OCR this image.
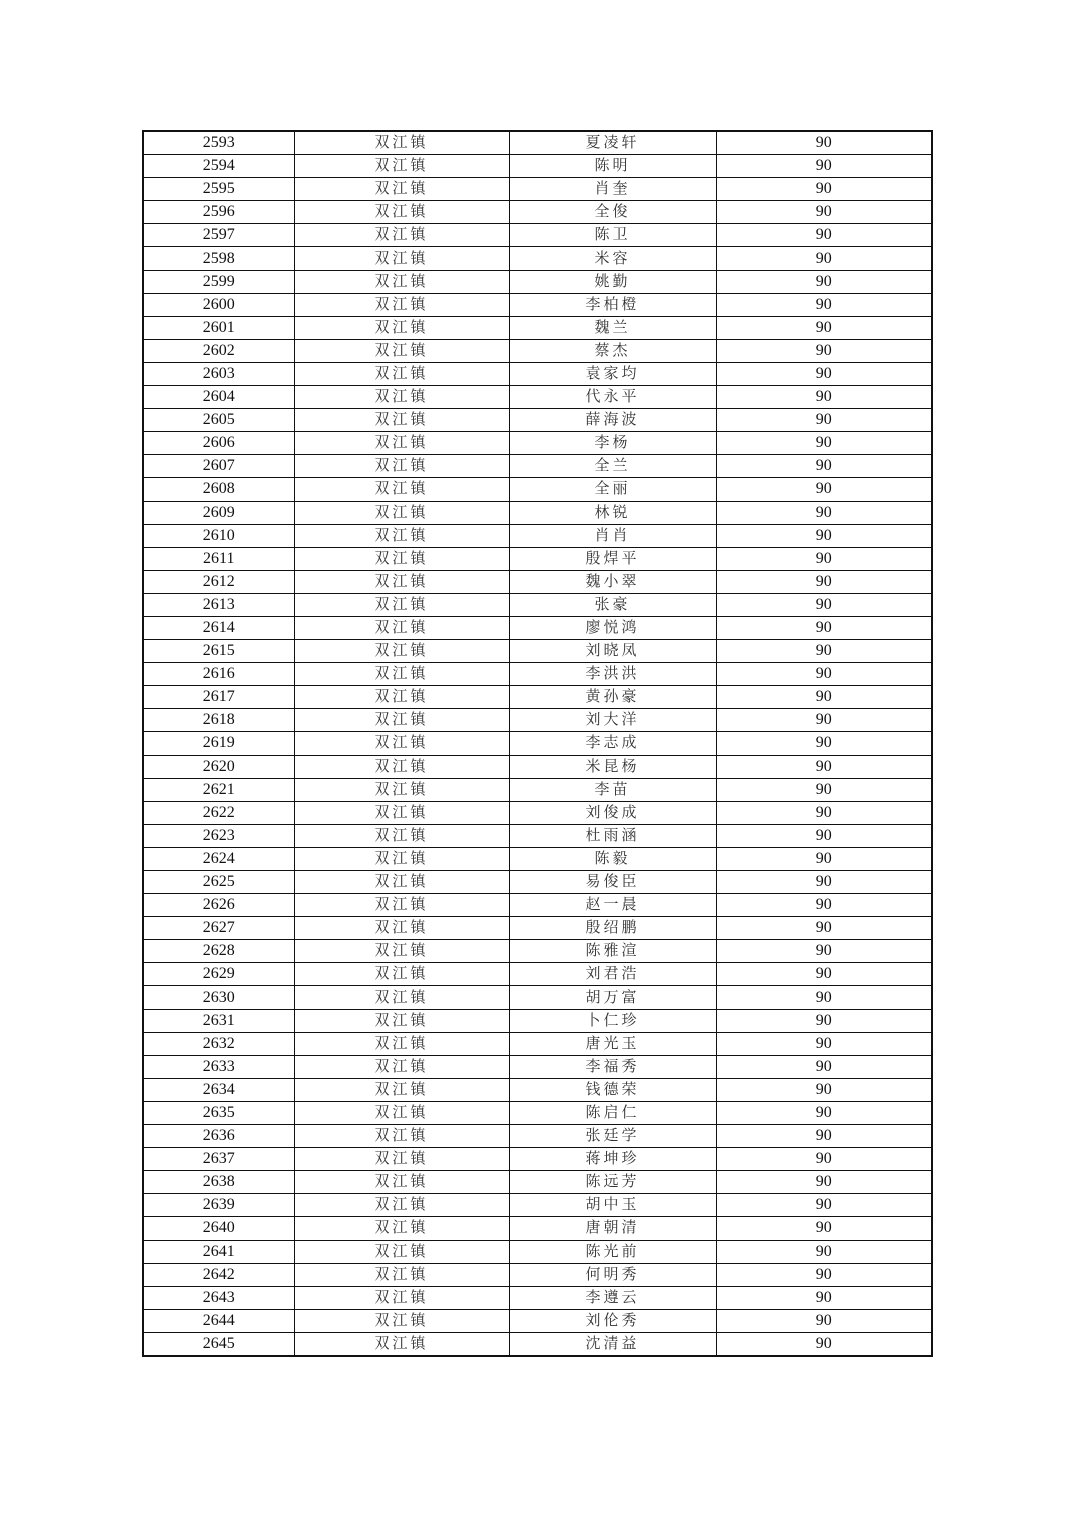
2593	双江镇	夏凌轩	90
2594	双江镇	陈明	90
2595	双江镇	肖奎	90
2596	双江镇	全俊	90
2597	双江镇	陈卫	90
2598	双江镇	米容	90
2599	双江镇	姚勤	90
2600	双江镇	李柏橙	90
2601	双江镇	魏兰	90
2602	双江镇	蔡杰	90
2603	双江镇	袁家均	90
2604	双江镇	代永平	90
2605	双江镇	薛海波	90
2606	双江镇	李杨	90
2607	双江镇	全兰	90
2608	双江镇	全丽	90
2609	双江镇	林锐	90
2610	双江镇	肖肖	90
2611	双江镇	殷焊平	90
2612	双江镇	魏小翠	90
2613	双江镇	张豪	90
2614	双江镇	廖悦鸿	90
2615	双江镇	刘晓凤	90
2616	双江镇	李洪洪	90
2617	双江镇	黄孙豪	90
2618	双江镇	刘大洋	90
2619	双江镇	李志成	90
2620	双江镇	米昆杨	90
2621	双江镇	李苗	90
2622	双江镇	刘俊成	90
2623	双江镇	杜雨涵	90
2624	双江镇	陈毅	90
2625	双江镇	易俊臣	90
2626	双江镇	赵一晨	90
2627	双江镇	殷绍鹏	90
2628	双江镇	陈雅渲	90
2629	双江镇	刘君浩	90
2630	双江镇	胡万富	90
2631	双江镇	卜仁珍	90
2632	双江镇	唐光玉	90
2633	双江镇	李福秀	90
2634	双江镇	钱德荣	90
2635	双江镇	陈启仁	90
2636	双江镇	张廷学	90
2637	双江镇	蒋坤珍	90
2638	双江镇	陈远芳	90
2639	双江镇	胡中玉	90
2640	双江镇	唐朝清	90
2641	双江镇	陈光前	90
2642	双江镇	何明秀	90
2643	双江镇	李遵云	90
2644	双江镇	刘伦秀	90
2645	双江镇	沈清益	90
